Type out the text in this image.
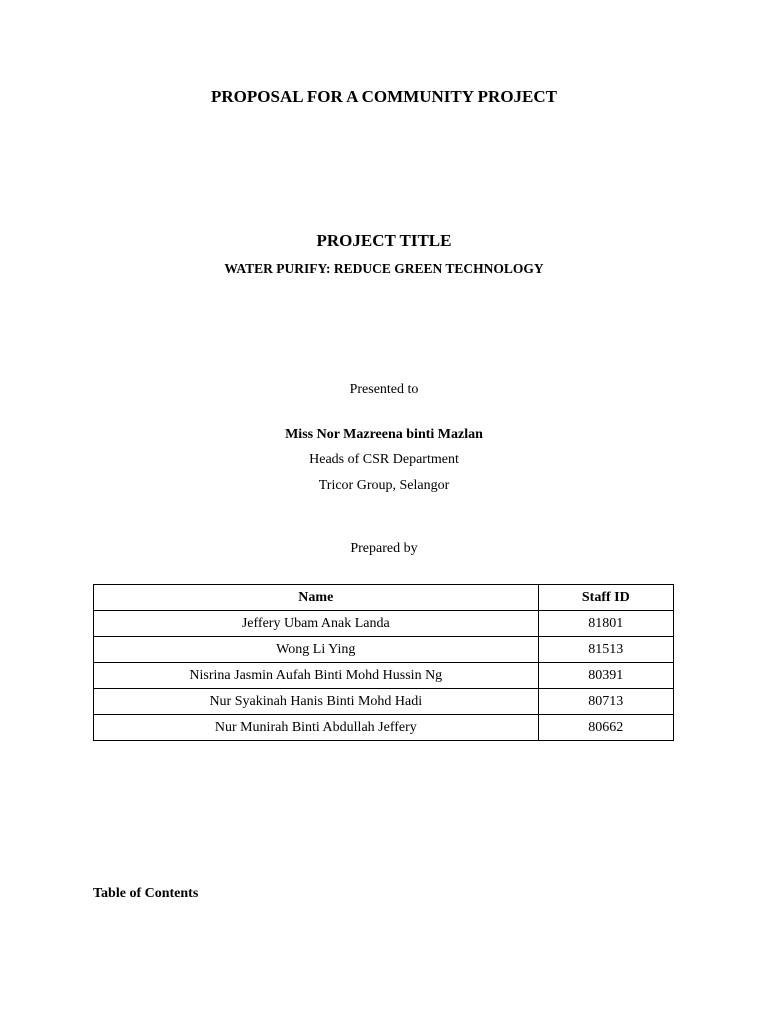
PROPOSAL FOR A COMMUNITY PROJECT

PROJECT TITLE

WATER PURIFY: REDUCE GREEN TECHNOLOGY

Presented to

Miss Nor Mazreena binti Mazlan

Heads of CSR Department

Tricor Group, Selangor

Prepared by

Name	Staff ID
Jeffery Ubam Anak Landa	81801
Wong Li Ying	81513
Nisrina Jasmin Aufah Binti Mohd Hussin Ng	80391
Nur Syakinah Hanis Binti Mohd Hadi	80713
Nur Munirah Binti Abdullah Jeffery	80662

Table of Contents
